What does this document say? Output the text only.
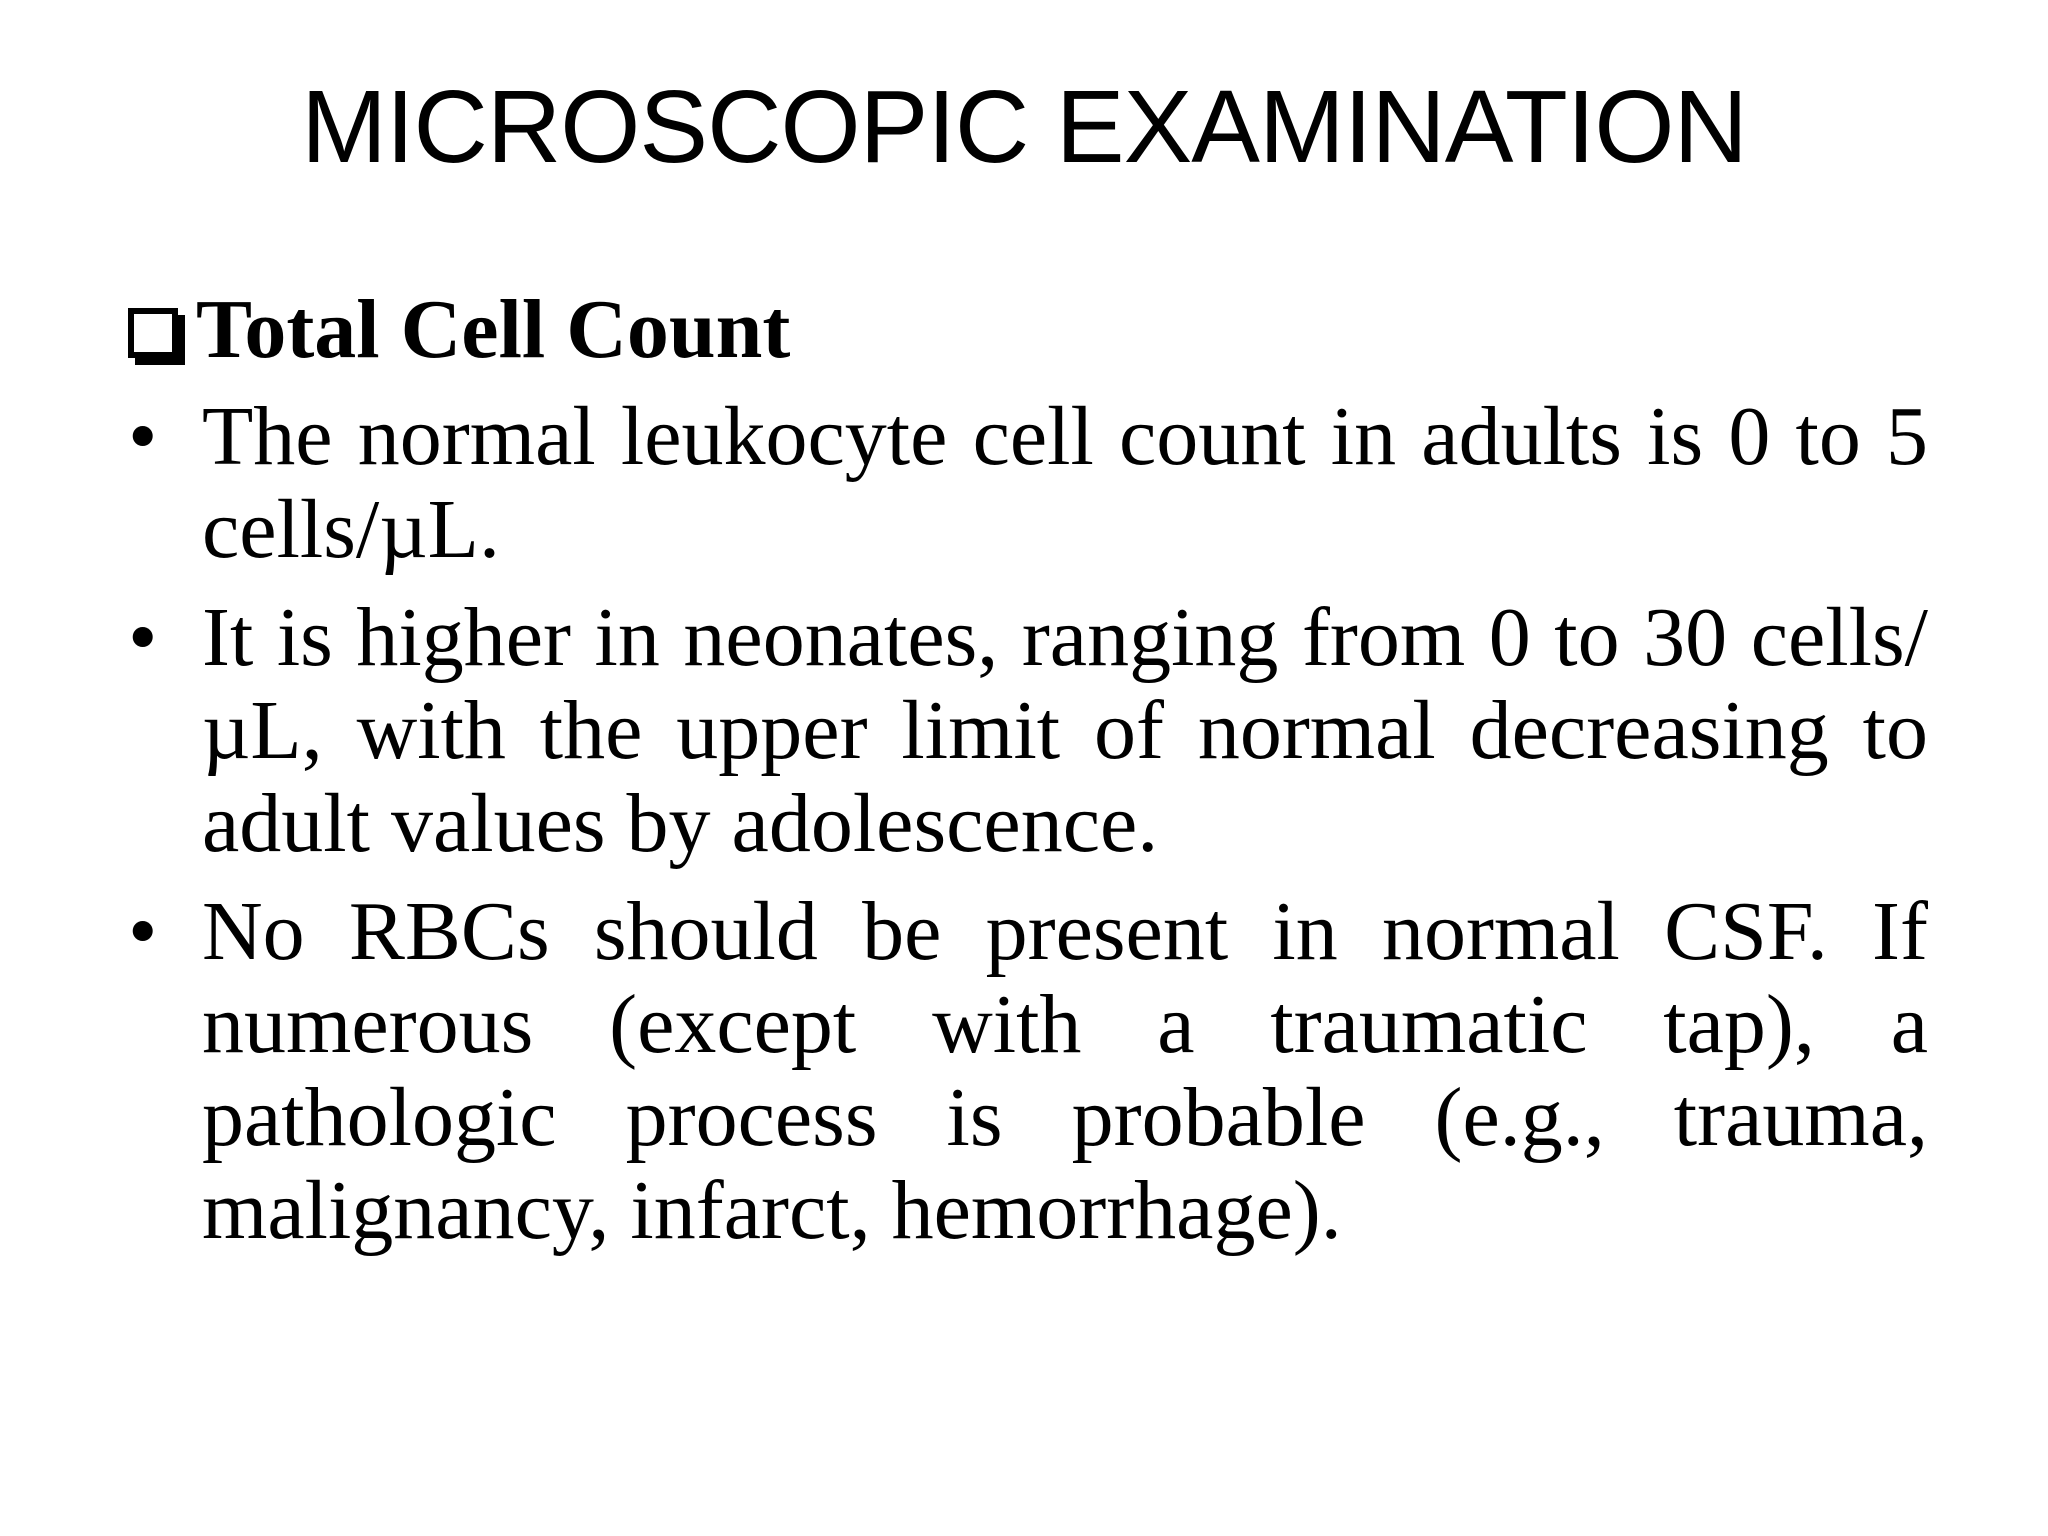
MICROSCOPIC EXAMINATION
Total Cell Count
• The normal leukocyte cell count in adults is 0 to 5 cells/µL.
• It is higher in neonates, ranging from 0 to 30 cells/µL, with the upper limit of normal decreasing to adult values by adolescence.
• No RBCs should be present in normal CSF. If numerous (except with a traumatic tap), a pathologic process is probable (e.g., trauma, malignancy, infarct, hemorrhage).
